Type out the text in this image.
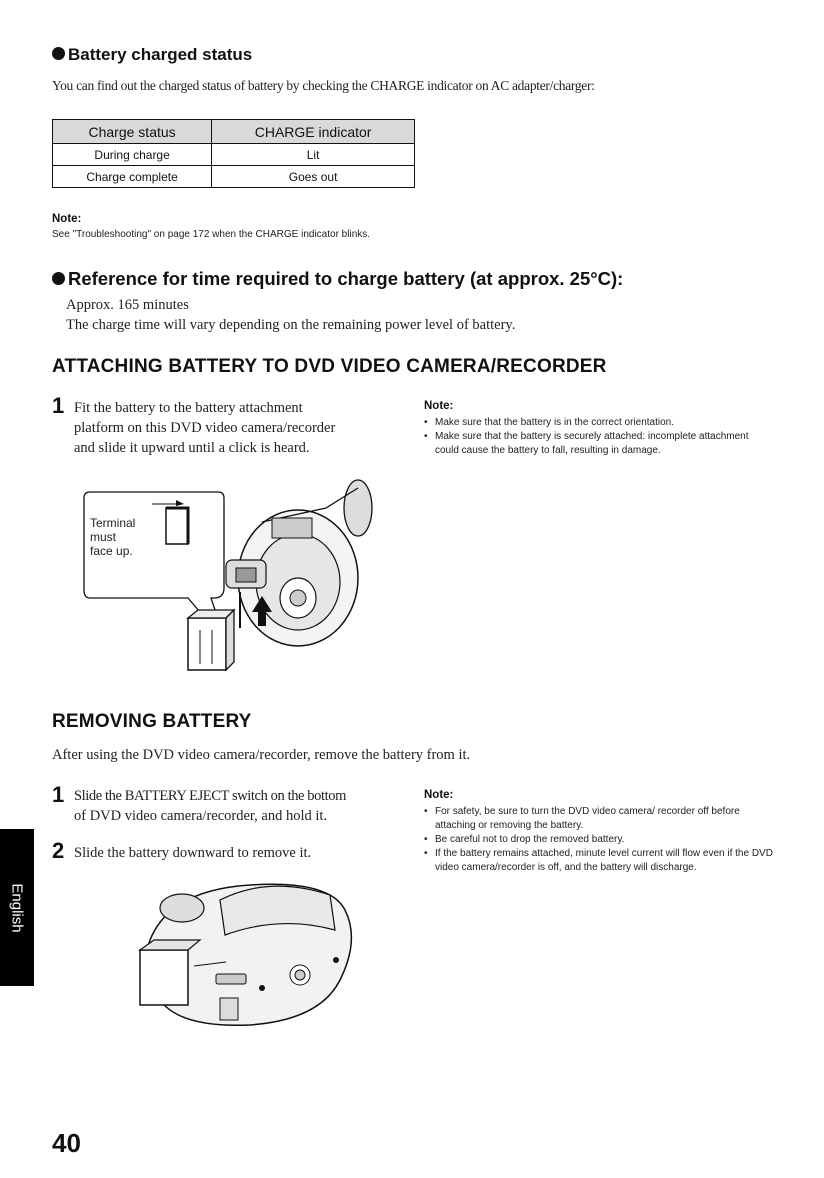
Battery charged status
You can find out the charged status of battery by checking the CHARGE indicator on AC adapter/charger:
Charge status	CHARGE indicator
During charge	Lit
Charge complete	Goes out
Note:
See "Troubleshooting" on page 172 when the CHARGE indicator blinks.
Reference for time required to charge battery (at approx. 25°C):
Approx. 165 minutes
The charge time will vary depending on the remaining power level of battery.
ATTACHING BATTERY TO DVD VIDEO CAMERA/RECORDER
1 Fit the battery to the battery attachment
platform on this DVD video camera/recorder
and slide it upward until a click is heard.
Note:
• Make sure that the battery is in the correct orientation.
• Make sure that the battery is securely attached: incomplete attachment could cause the battery to fall, resulting in damage.
Terminal
must
face up.
REMOVING BATTERY
After using the DVD video camera/recorder, remove the battery from it.
1 Slide the BATTERY EJECT switch on the bottom
of DVD video camera/recorder, and hold it.
2 Slide the battery downward to remove it.
Note:
• For safety, be sure to turn the DVD video camera/ recorder off before attaching or removing the battery.
• Be careful not to drop the removed battery.
• If the battery remains attached, minute level current will flow even if the DVD video camera/recorder is off, and the battery will discharge.
English
40
